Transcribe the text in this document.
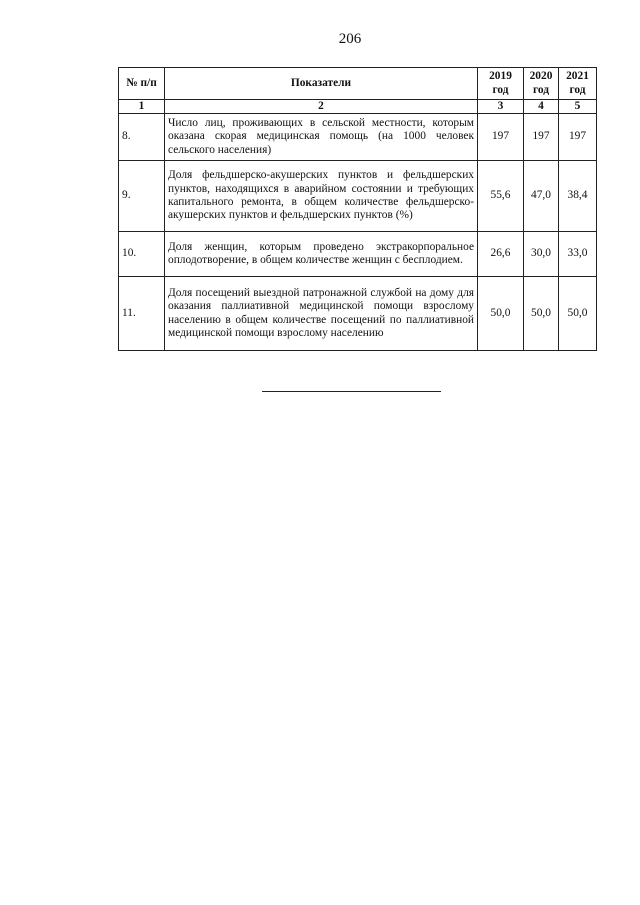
206
№ п/п	Показатели	2019 год	2020 год	2021 год
1	2	3	4	5
8.	Число лиц, проживающих в сельской местности, которым оказана скорая медицинская помощь (на 1000 человек сельского населения)	197	197	197
9.	Доля фельдшерско-акушерских пунктов и фельдшерских пунктов, находящихся в аварийном состоянии и требующих капитального ремонта, в общем количестве фельдшерско-акушерских пунктов и фельдшерских пунктов (%)	55,6	47,0	38,4
10.	Доля женщин, которым проведено экстракорпоральное оплодотворение, в общем количестве женщин с бесплодием.	26,6	30,0	33,0
11.	Доля посещений выездной патронажной службой на дому для оказания паллиативной медицинской помощи взрослому населению в общем количестве посещений по паллиативной медицинской помощи взрослому населению	50,0	50,0	50,0
